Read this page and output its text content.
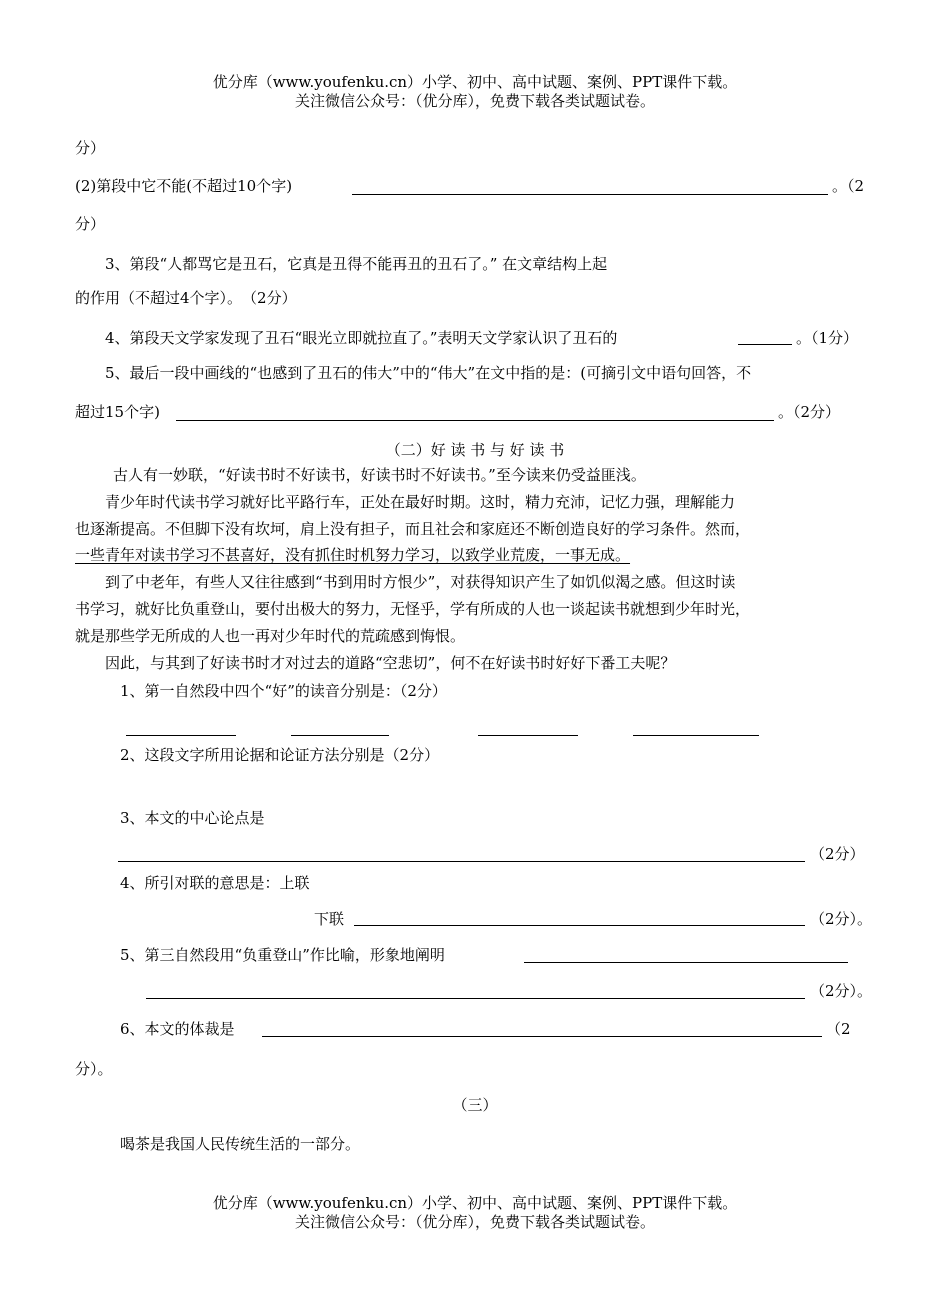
优分库（www.youfenku.cn）小学、初中、高中试题、案例、PPT课件下载。
关注微信公众号：（优分库），免费下载各类试题试卷。
分）
(2)第段中它不能(不超过10个字)	。（2
分）
3、第段“人都骂它是丑石，它真是丑得不能再丑的丑石了。” 在文章结构上起
的作用（不超过4个字）。　（2分）
4、第段天文学家发现了丑石“眼光立即就拉直了。”表明天文学家认识了丑石的	。（1分）
5、最后一段中画线的“也感到了丑石的伟大”中的“伟大”在文中指的是：(可摘引文中语句回答，不
超过15个字)	。（2分）
（二）好 读 书 与 好 读 书
古人有一妙联，“好读书时不好读书，好读书时不好读书。”至今读来仍受益匪浅。
青少年时代读书学习就好比平路行车，正处在最好时期。这时，精力充沛，记忆力强，理解能力
也逐渐提高。不但脚下没有坎坷，肩上没有担子，而且社会和家庭还不断创造良好的学习条件。然而，
一些青年对读书学习不甚喜好，没有抓住时机努力学习，以致学业荒废，一事无成。
到了中老年，有些人又往往感到“书到用时方恨少”，对获得知识产生了如饥似渴之感。但这时读
书学习，就好比负重登山，要付出极大的努力，无怪乎，学有所成的人也一谈起读书就想到少年时光，
就是那些学无所成的人也一再对少年时代的荒疏感到悔恨。
因此，与其到了好读书时才对过去的道路“空悲切”，何不在好读书时好好下番工夫呢？
1、第一自然段中四个“好”的读音分别是：（2分）
2、这段文字所用论据和论证方法分别是（2分）
3、本文的中心论点是
（2分）
4、所引对联的意思是：上联
下联	（2分）。
5、第三自然段用“负重登山”作比喻，形象地阐明
（2分）。
6、本文的体裁是	（2
分）。
（三）
喝茶是我国人民传统生活的一部分。
优分库（www.youfenku.cn）小学、初中、高中试题、案例、PPT课件下载。
关注微信公众号：（优分库），免费下载各类试题试卷。
